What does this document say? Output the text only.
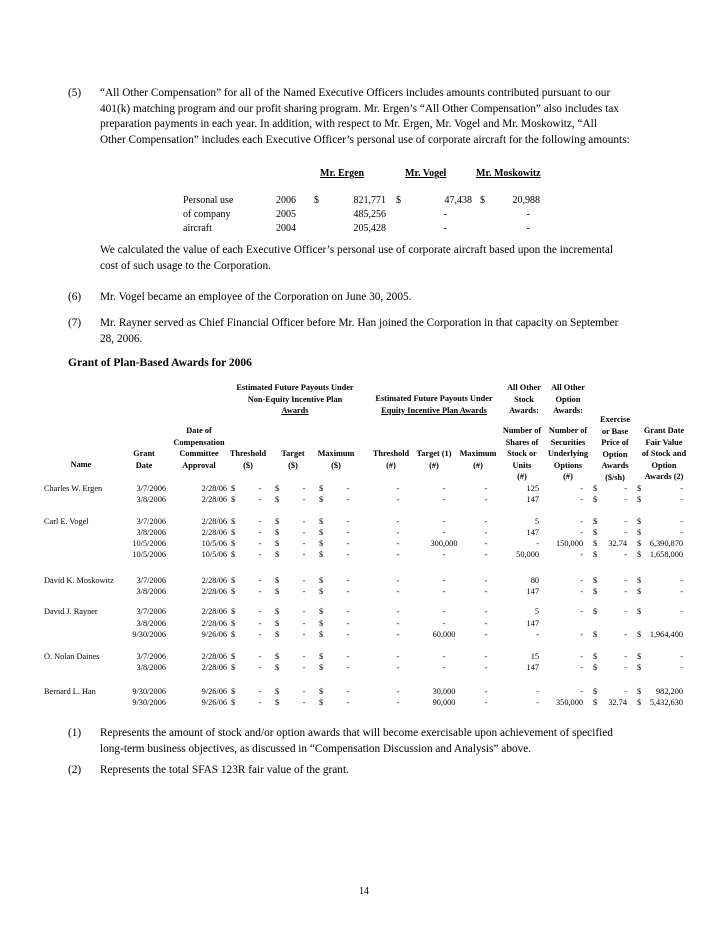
(5) “All Other Compensation” for all of the Named Executive Officers includes amounts contributed pursuant to our
401(k) matching program and our profit sharing program. Mr. Ergen’s “All Other Compensation” also includes tax
preparation payments in each year. In addition, with respect to Mr. Ergen, Mr. Vogel and Mr. Moskowitz, “All
Other Compensation” includes each Executive Officer’s personal use of corporate aircraft for the following amounts:
Mr. Ergen	Mr. Vogel	Mr. Moskowitz
Personal use
of company
aircraft
2006 $	821,771 $	47,438 $	20,988
2005	485,256	-	-
2004	205,428	-	-
We calculated the value of each Executive Officer’s personal use of corporate aircraft based upon the incremental
cost of such usage to the Corporation.
(6) Mr. Vogel became an employee of the Corporation on June 30, 2005.
(7) Mr. Rayner served as Chief Financial Officer before Mr. Han joined the Corporation in that capacity on September
28, 2006.
Grant of Plan-Based Awards for 2006
Estimated Future Payouts Under
Non-Equity Incentive Plan
Awards
Estimated Future Payouts Under
Equity Incentive Plan Awards
All Other
Stock
Awards:
All Other
Option
Awards:
Name
Grant
Date
Date of
Compensation
Committee
Approval
Threshold
($)
Target
($)
Maximum
($)
Threshold
(#)
Target (1)
(#)
Maximum
(#)
Number of
Shares of
Stock or
Units
(#)
Number of
Securities
Underlying
Options
(#)
Exercise
or Base
Price of
Option
Awards
($/sh)
Grant Date
Fair Value
of Stock and
Option
Awards (2)
Charles W. Ergen	3/7/2006	2/28/06 $	-	$	-	$	-	-	-	-	125	- $	- $	-
3/8/2006	2/28/06 $	-	$	-	$	-	-	-	-	147	- $	- $	-
Carl E. Vogel	3/7/2006	2/28/06 $	-	$	-	$	-	-	-	-	5	- $	- $	-
3/8/2006	2/28/06 $	-	$	-	$	-	-	-	-	147	- $	- $	-
10/5/2006	10/5/06 $	-	$	-	$	-	-	300,000	-	-	150,000 $	32.74 $	6,390,870
10/5/2006	10/5/06 $	-	$	-	$	-	-	-	-	50,000	- $	- $	1,658,000
David K. Moskowitz	3/7/2006	2/28/06 $	-	$	-	$	-	-	-	-	80	- $	- $	-
3/8/2006	2/28/06 $	-	$	-	$	-	-	-	-	147	- $	- $	-
David J. Rayner	3/7/2006	2/28/06 $	-	$	-	$	-	-	-	-	5	- $	- $	-
3/8/2006	2/28/06 $	-	$	-	$	-	-	-	-	147
9/30/2006	9/26/06 $	-	$	-	$	-	-	60,000	-	-	- $	- $	1,964,400
O. Nolan Daines	3/7/2006	2/28/06 $	-	$	-	$	-	-	-	-	15	- $	- $	-
3/8/2006	2/28/06 $	-	$	-	$	-	-	-	-	147	- $	- $	-
Bernard L. Han	9/30/2006	9/26/06 $	-	$	-	$	-	-	30,000	-	-	- $	- $	982,200
9/30/2006	9/26/06 $	-	$	-	$	-	-	90,000	-	-	350,000 $	32.74 $	5,432,630
(1) Represents the amount of stock and/or option awards that will become exercisable upon achievement of specified
long-term business objectives, as discussed in “Compensation Discussion and Analysis” above.
(2) Represents the total SFAS 123R fair value of the grant.
14
